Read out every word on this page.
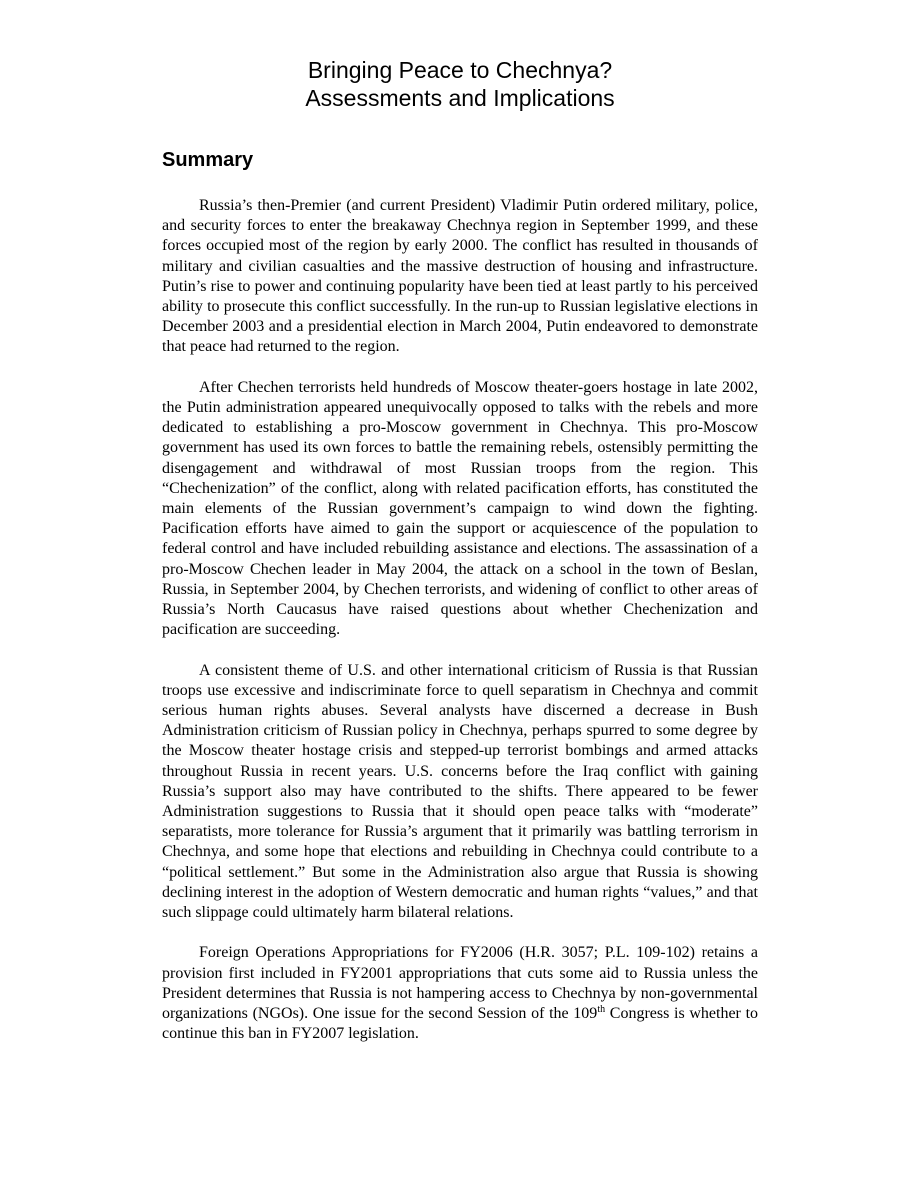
Bringing Peace to Chechnya?
Assessments and Implications
Summary

Russia’s then-Premier (and current President) Vladimir Putin ordered military, police, and security forces to enter the breakaway Chechnya region in September 1999, and these forces occupied most of the region by early 2000. The conflict has resulted in thousands of military and civilian casualties and the massive destruction of housing and infrastructure. Putin’s rise to power and continuing popularity have been tied at least partly to his perceived ability to prosecute this conflict successfully. In the run-up to Russian legislative elections in December 2003 and a presidential election in March 2004, Putin endeavored to demonstrate that peace had returned to the region.

After Chechen terrorists held hundreds of Moscow theater-goers hostage in late 2002, the Putin administration appeared unequivocally opposed to talks with the rebels and more dedicated to establishing a pro-Moscow government in Chechnya. This pro-Moscow government has used its own forces to battle the remaining rebels, ostensibly permitting the disengagement and withdrawal of most Russian troops from the region. This “Chechenization” of the conflict, along with related pacification efforts, has constituted the main elements of the Russian government’s campaign to wind down the fighting. Pacification efforts have aimed to gain the support or acquiescence of the population to federal control and have included rebuilding assistance and elections. The assassination of a pro-Moscow Chechen leader in May 2004, the attack on a school in the town of Beslan, Russia, in September 2004, by Chechen terrorists, and widening of conflict to other areas of Russia’s North Caucasus have raised questions about whether Chechenization and pacification are succeeding.

A consistent theme of U.S. and other international criticism of Russia is that Russian troops use excessive and indiscriminate force to quell separatism in Chechnya and commit serious human rights abuses. Several analysts have discerned a decrease in Bush Administration criticism of Russian policy in Chechnya, perhaps spurred to some degree by the Moscow theater hostage crisis and stepped-up terrorist bombings and armed attacks throughout Russia in recent years. U.S. concerns before the Iraq conflict with gaining Russia’s support also may have contributed to the shifts. There appeared to be fewer Administration suggestions to Russia that it should open peace talks with “moderate” separatists, more tolerance for Russia’s argument that it primarily was battling terrorism in Chechnya, and some hope that elections and rebuilding in Chechnya could contribute to a “political settlement.” But some in the Administration also argue that Russia is showing declining interest in the adoption of Western democratic and human rights “values,” and that such slippage could ultimately harm bilateral relations.

Foreign Operations Appropriations for FY2006 (H.R. 3057; P.L. 109-102) retains a provision first included in FY2001 appropriations that cuts some aid to Russia unless the President determines that Russia is not hampering access to Chechnya by non-governmental organizations (NGOs). One issue for the second Session of the 109th Congress is whether to continue this ban in FY2007 legislation.
